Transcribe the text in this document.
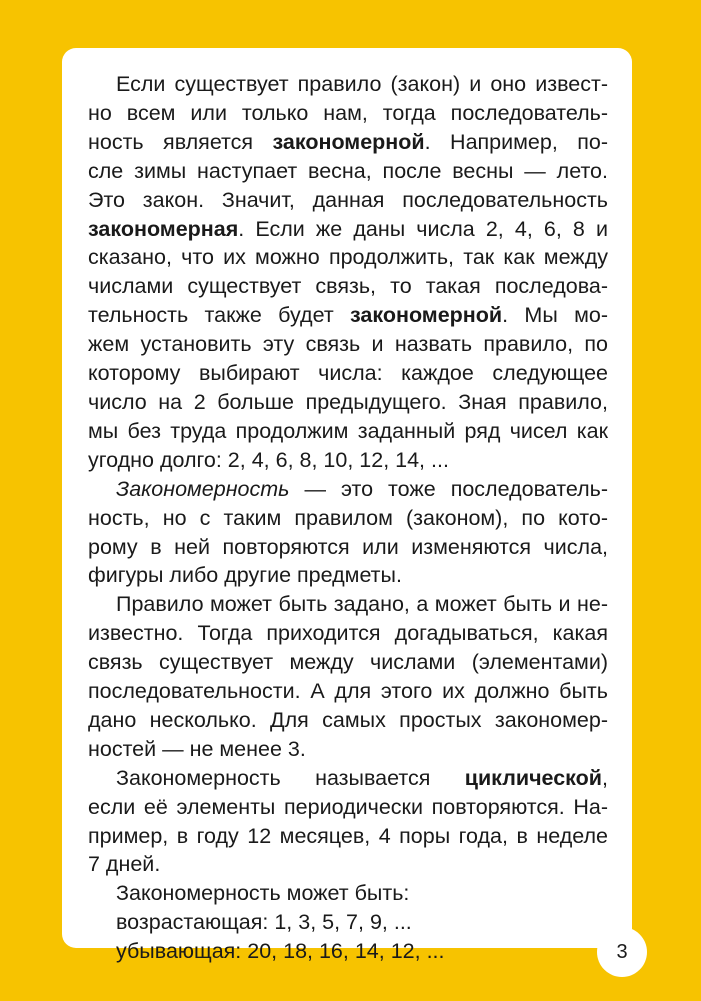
Если существует правило (закон) и оно извест-
но всем или только нам, тогда последователь-
ность является закономерной. Например, по-
сле зимы наступает весна, после весны — лето.
Это закон. Значит, данная последовательность
закономерная. Если же даны числа 2, 4, 6, 8 и
сказано, что их можно продолжить, так как между
числами существует связь, то такая последова-
тельность также будет закономерной. Мы мо-
жем установить эту связь и назвать правило, по
которому выбирают числа: каждое следующее
число на 2 больше предыдущего. Зная правило,
мы без труда продолжим заданный ряд чисел как
угодно долго: 2, 4, 6, 8, 10, 12, 14, ...
Закономерность — это тоже последователь-
ность, но с таким правилом (законом), по кото-
рому в ней повторяются или изменяются числа,
фигуры либо другие предметы.
Правило может быть задано, а может быть и не-
известно. Тогда приходится догадываться, какая
связь существует между числами (элементами)
последовательности. А для этого их должно быть
дано несколько. Для самых простых закономер-
ностей — не менее 3.
Закономерность называется циклической,
если её элементы периодически повторяются. На-
пример, в году 12 месяцев, 4 поры года, в неделе
7 дней.
Закономерность может быть:
возрастающая: 1, 3, 5, 7, 9, ...
убывающая: 20, 18, 16, 14, 12, ...	3
